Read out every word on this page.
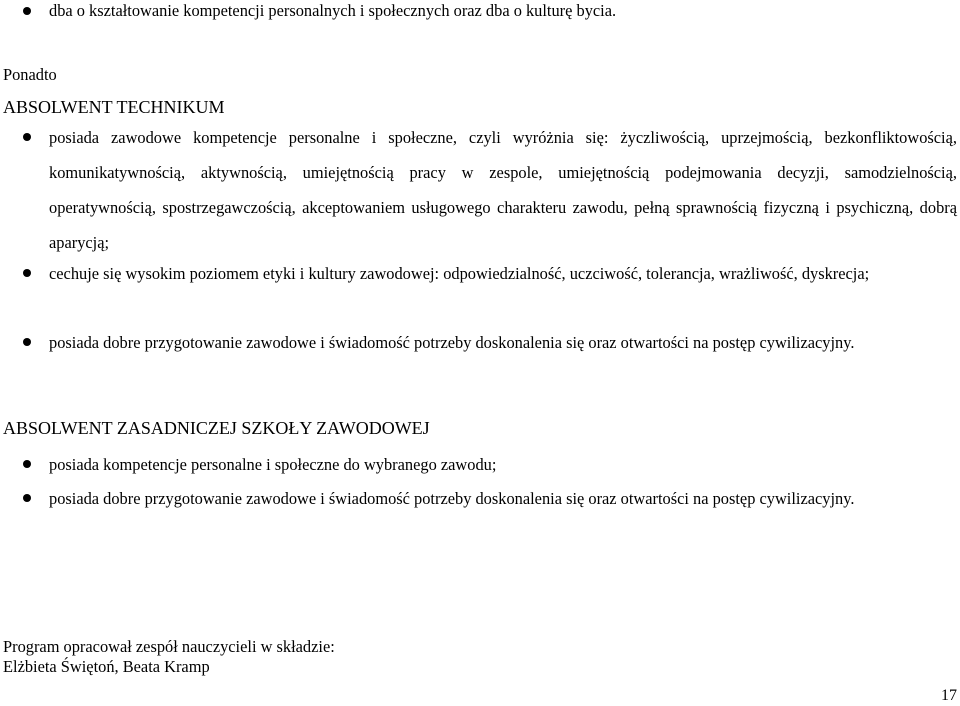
dba o kształtowanie kompetencji personalnych i społecznych oraz dba o kulturę bycia.
Ponadto
ABSOLWENT TECHNIKUM
posiada zawodowe kompetencje personalne i społeczne, czyli wyróżnia się: życzliwością, uprzejmością, bezkonfliktowością, komunikatywnością, aktywnością, umiejętnością pracy w zespole, umiejętnością podejmowania decyzji, samodzielnością, operatywnością, spostrzegawczością, akceptowaniem usługowego charakteru zawodu, pełną sprawnością fizyczną i psychiczną, dobrą aparycją;
cechuje się wysokim poziomem etyki i kultury zawodowej: odpowiedzialność, uczciwość, tolerancja, wrażliwość, dyskrecja;
posiada dobre przygotowanie zawodowe i świadomość potrzeby doskonalenia się oraz otwartości na postęp cywilizacyjny.
ABSOLWENT ZASADNICZEJ SZKOŁY ZAWODOWEJ
posiada kompetencje personalne i społeczne do wybranego zawodu;
posiada dobre przygotowanie zawodowe i świadomość potrzeby doskonalenia się oraz otwartości na postęp cywilizacyjny.
Program opracował zespół nauczycieli w składzie:
Elżbieta Świętoń, Beata Kramp
17
